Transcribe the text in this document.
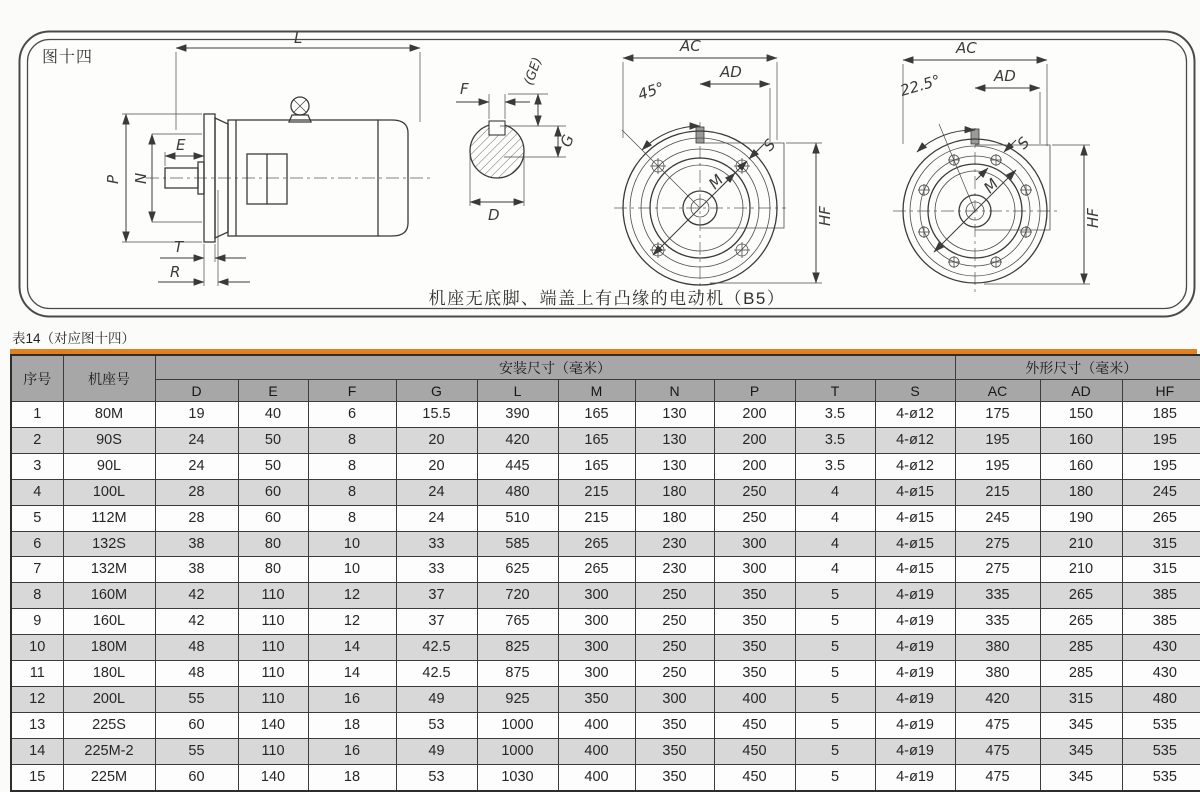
L
P N
E
T
R
F
(GE)
G
D
M
45°
S
AC
AD
HF
M
22.5°
S
AC
AD
HF
图十四
机座无底脚、端盖上有凸缘的电动机（B5）
表14（对应图十四）
序号	机座号	安装尺寸（毫米）										外形尺寸（毫米）		
		D	E	F	G	L	M	N	P	T	S	AC	AD	HF
1	80M	19	40	6	15.5	390	165	130	200	3.5	4-ø12	175	150	185
2	90S	24	50	8	20	420	165	130	200	3.5	4-ø12	195	160	195
3	90L	24	50	8	20	445	165	130	200	3.5	4-ø12	195	160	195
4	100L	28	60	8	24	480	215	180	250	4	4-ø15	215	180	245
5	112M	28	60	8	24	510	215	180	250	4	4-ø15	245	190	265
6	132S	38	80	10	33	585	265	230	300	4	4-ø15	275	210	315
7	132M	38	80	10	33	625	265	230	300	4	4-ø15	275	210	315
8	160M	42	110	12	37	720	300	250	350	5	4-ø19	335	265	385
9	160L	42	110	12	37	765	300	250	350	5	4-ø19	335	265	385
10	180M	48	110	14	42.5	825	300	250	350	5	4-ø19	380	285	430
11	180L	48	110	14	42.5	875	300	250	350	5	4-ø19	380	285	430
12	200L	55	110	16	49	925	350	300	400	5	4-ø19	420	315	480
13	225S	60	140	18	53	1000	400	350	450	5	4-ø19	475	345	535
14	225M-2	55	110	16	49	1000	400	350	450	5	4-ø19	475	345	535
15	225M	60	140	18	53	1030	400	350	450	5	4-ø19	475	345	535
